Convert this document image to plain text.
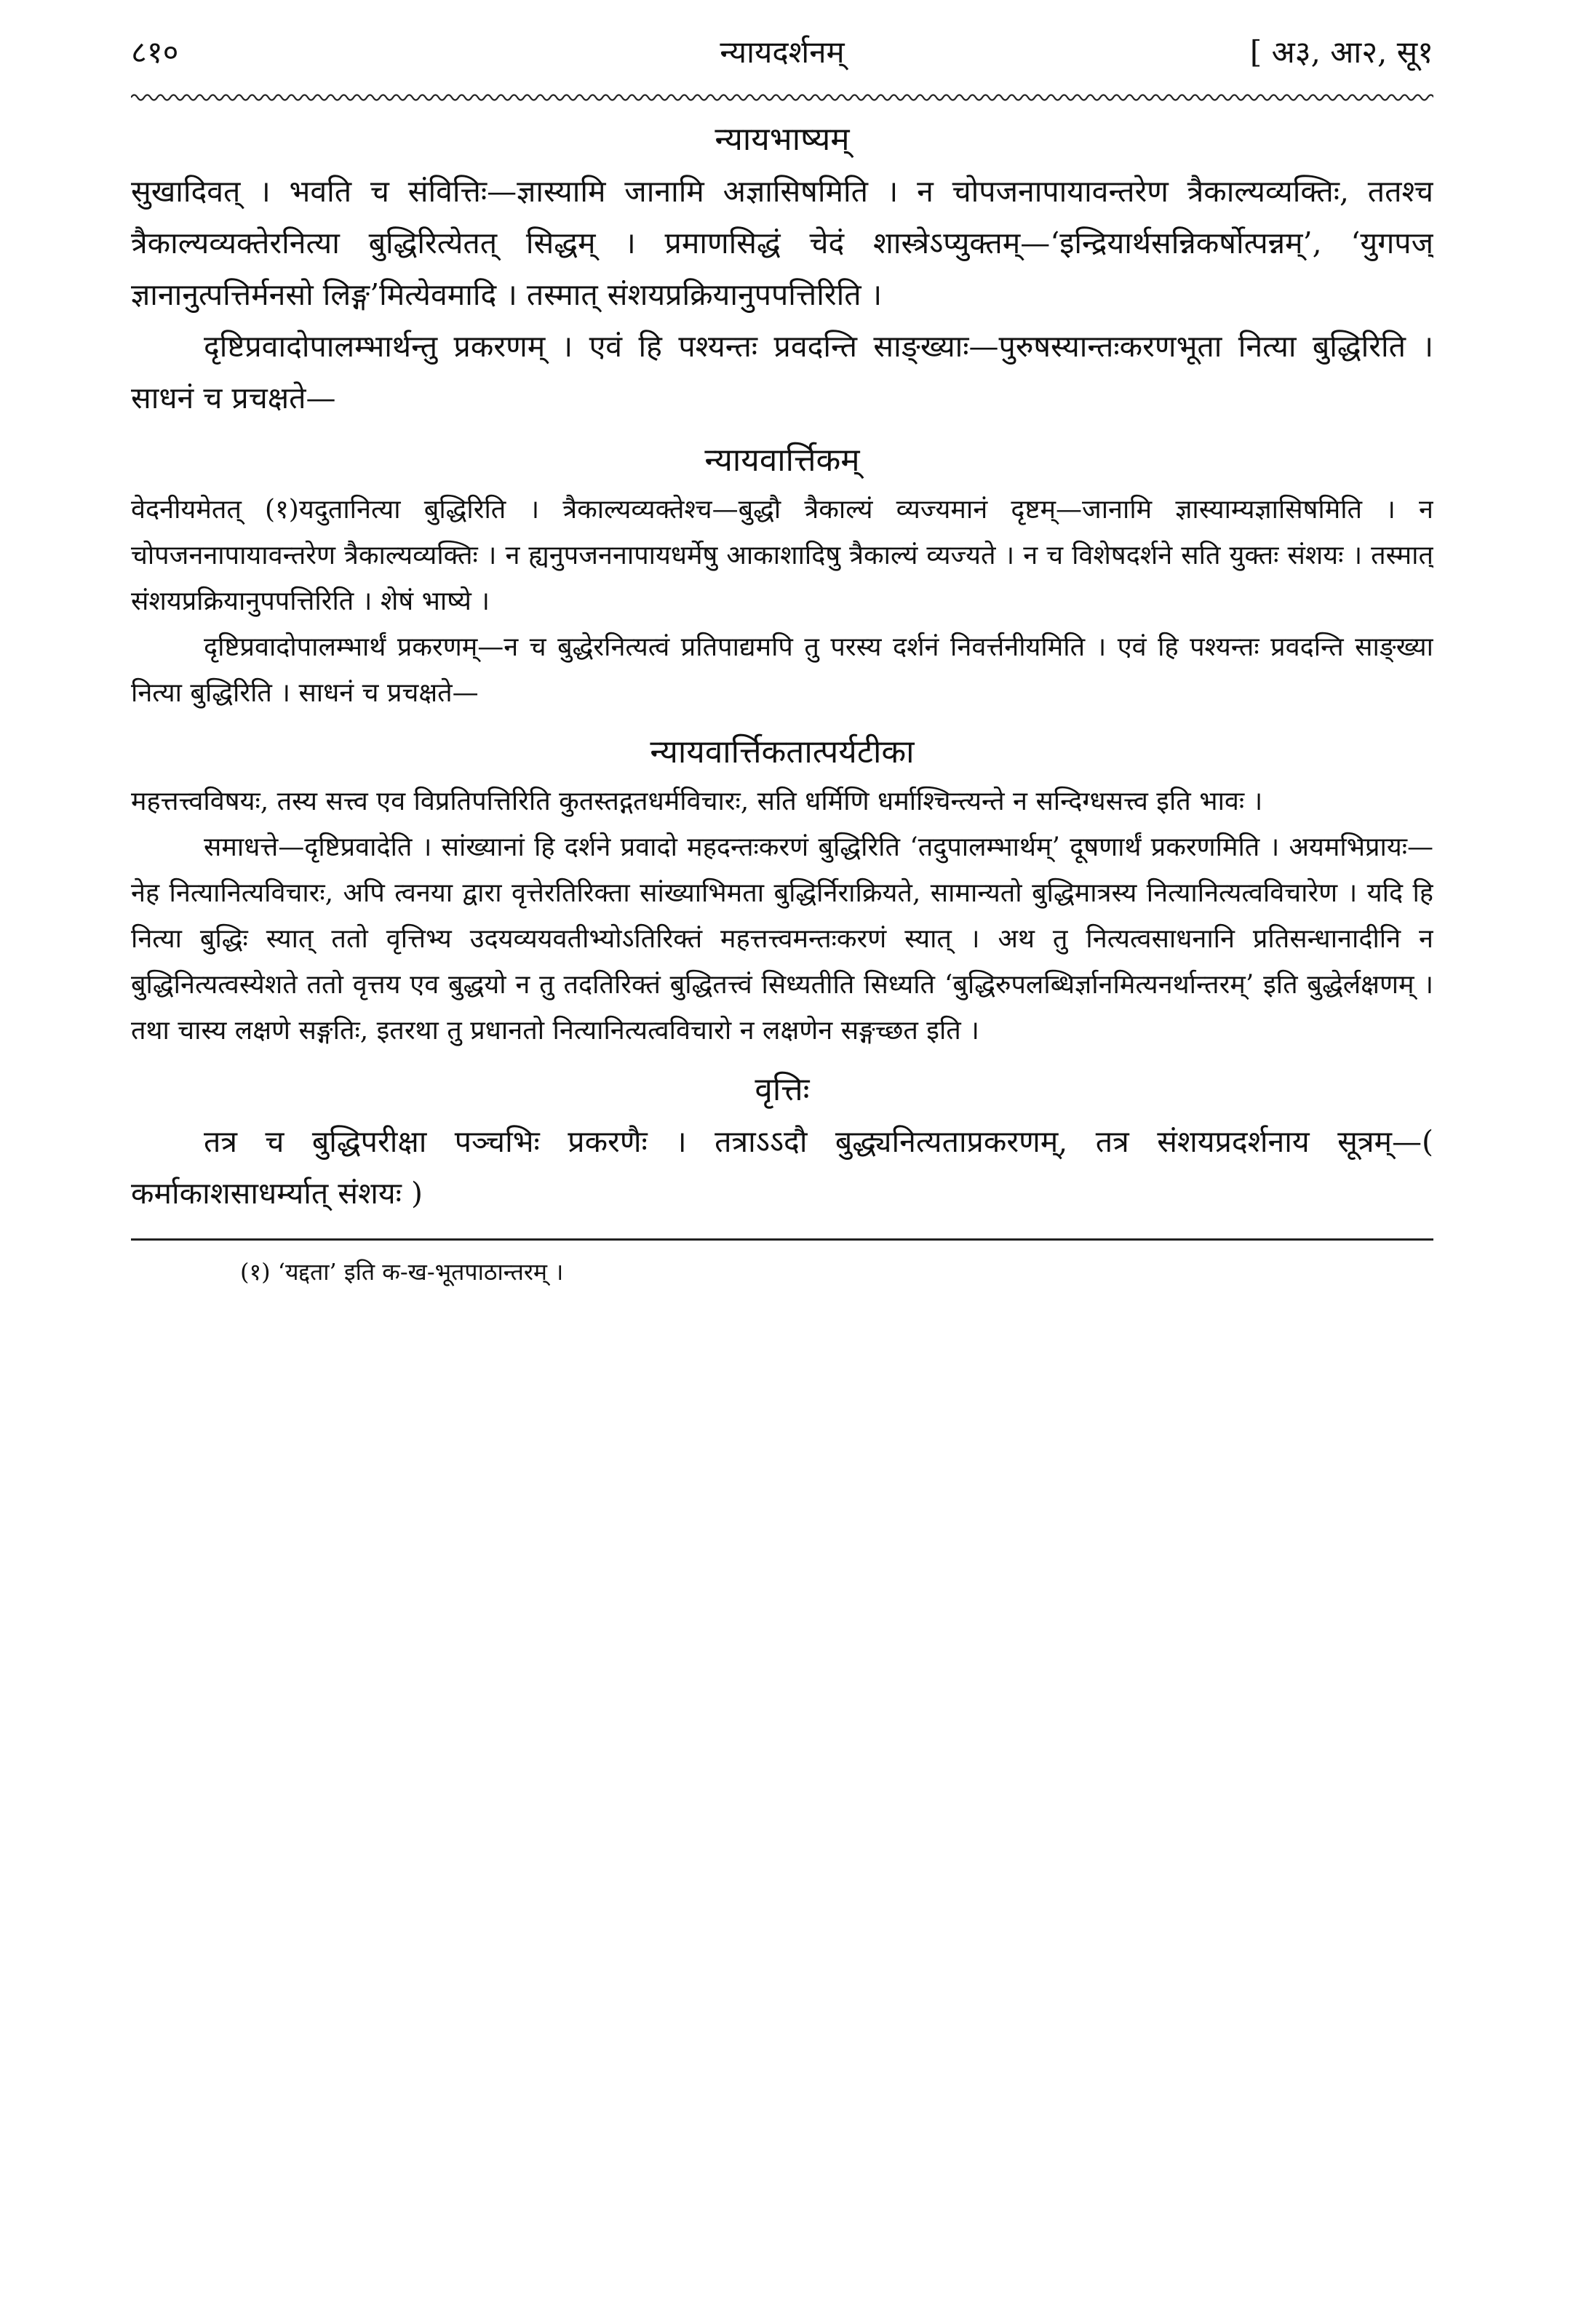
८१०	न्यायदर्शनम्	[ अ३, आ२, सू१
न्यायभाष्यम्

सुखादिवत् । भवति च संवित्तिः—ज्ञास्यामि जानामि अज्ञासिषमिति । न चोपजनापायावन्तरेण त्रैकाल्यव्यक्तिः, ततश्च त्रैकाल्यव्यक्तेरनित्या बुद्धिरित्येतत् सिद्धम् । प्रमाणसिद्धं चेदं शास्त्रेऽप्युक्तम्—‘इन्द्रियार्थसन्निकर्षोत्पन्नम्’, ‘युगपज् ज्ञानानुत्पत्तिर्मनसो लिङ्ग’मित्येवमादि । तस्मात् संशयप्रक्रियानुपपत्तिरिति ।

दृष्टिप्रवादोपालम्भार्थन्तु प्रकरणम् । एवं हि पश्यन्तः प्रवदन्ति साङ्ख्याः—पुरुषस्यान्तःकरणभूता नित्या बुद्धिरिति । साधनं च प्रचक्षते—

न्यायवार्त्तिकम्

वेदनीयमेतत् (१)यदुतानित्या बुद्धिरिति । त्रैकाल्यव्यक्तेश्च—बुद्धौ त्रैकाल्यं व्यज्यमानं दृष्टम्—जानामि ज्ञास्याम्यज्ञासिषमिति । न चोपजननापायावन्तरेण त्रैकाल्यव्यक्तिः । न ह्यनुपजननापायधर्मेषु आकाशादिषु त्रैकाल्यं व्यज्यते । न च विशेषदर्शने सति युक्तः संशयः । तस्मात् संशयप्रक्रियानुपपत्तिरिति । शेषं भाष्ये ।

दृष्टिप्रवादोपालम्भार्थं प्रकरणम्—न च बुद्धेरनित्यत्वं प्रतिपाद्यमपि तु परस्य दर्शनं निवर्त्तनीयमिति । एवं हि पश्यन्तः प्रवदन्ति साङ्ख्या नित्या बुद्धिरिति । साधनं च प्रचक्षते—

न्यायवार्त्तिकतात्पर्यटीका

महत्तत्त्वविषयः, तस्य सत्त्व एव विप्रतिपत्तिरिति कुतस्तद्गतधर्मविचारः, सति धर्मिणि धर्माश्चिन्त्यन्ते न सन्दिग्धसत्त्व इति भावः ।

समाधत्ते—दृष्टिप्रवादेति । सांख्यानां हि दर्शने प्रवादो महदन्तःकरणं बुद्धिरिति ‘तदुपालम्भार्थम्’ दूषणार्थं प्रकरणमिति । अयमभिप्रायः—नेह नित्यानित्यविचारः, अपि त्वनया द्वारा वृत्तेरतिरिक्ता सांख्याभिमता बुद्धिर्निराक्रियते, सामान्यतो बुद्धिमात्रस्य नित्यानित्यत्वविचारेण । यदि हि नित्या बुद्धिः स्यात् ततो वृत्तिभ्य उदयव्ययवतीभ्योऽतिरिक्तं महत्तत्त्वमन्तःकरणं स्यात् । अथ तु नित्यत्वसाधनानि प्रतिसन्धानादीनि न बुद्धिनित्यत्वस्येशते ततो वृत्तय एव बुद्धयो न तु तदतिरिक्तं बुद्धितत्त्वं सिध्यतीति सिध्यति ‘बुद्धिरुपलब्धिर्ज्ञानमित्यनर्थान्तरम्’ इति बुद्धेर्लक्षणम् । तथा चास्य लक्षणे सङ्गतिः, इतरथा तु प्रधानतो नित्यानित्यत्वविचारो न लक्षणेन सङ्गच्छत इति ।

वृत्तिः

तत्र च बुद्धिपरीक्षा पञ्चभिः प्रकरणैः । तत्राऽऽदौ बुद्ध्यनित्यताप्रकरणम्, तत्र संशयप्रदर्शनाय सूत्रम्—( कर्माकाशसाधर्म्यात् संशयः )

(१) ‘यद्दता’ इति क-ख-भूतपाठान्तरम् ।
